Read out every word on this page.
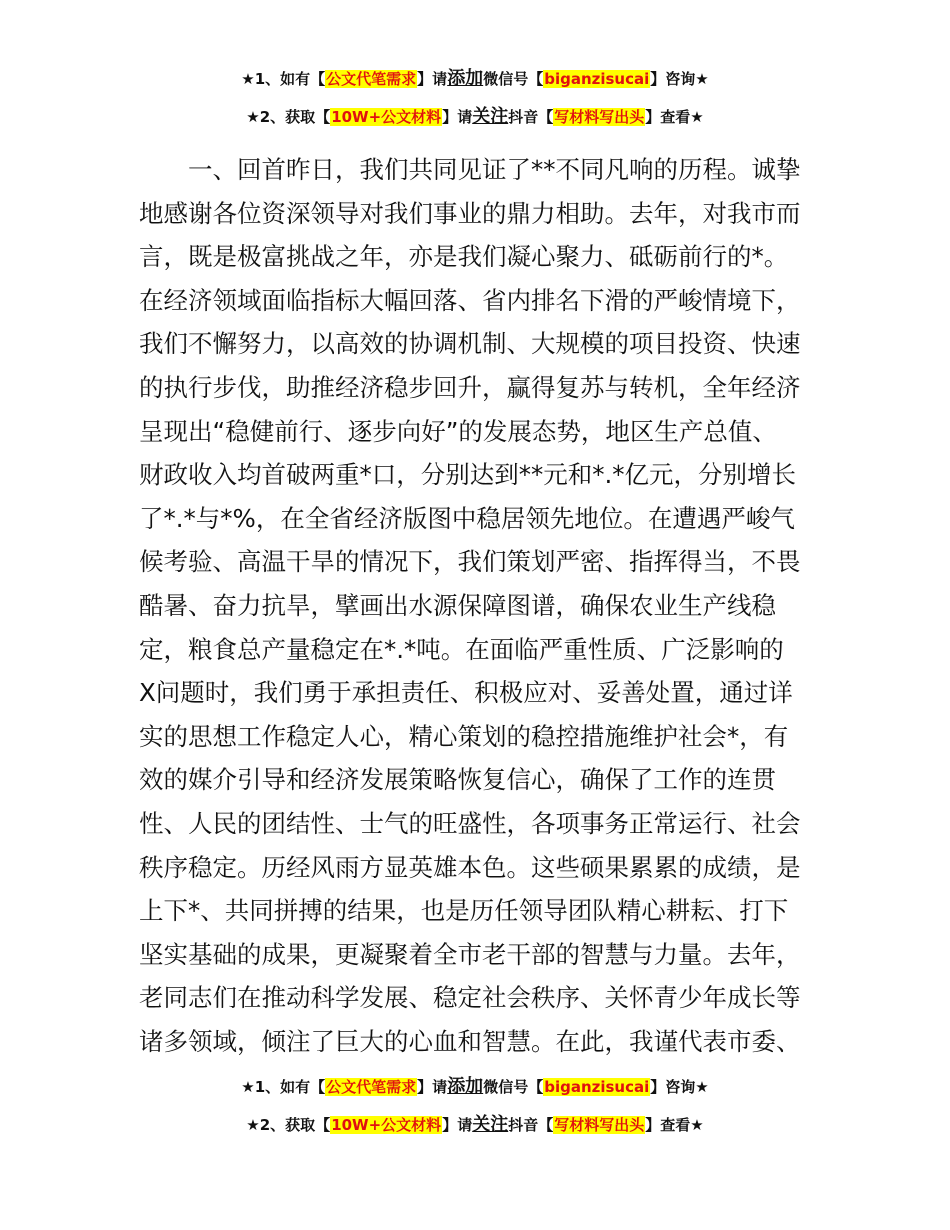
★1、如有【公文代笔需求】请添加微信号【biganzisucai】咨询★
★2、获取【10W+公文材料】请关注抖音【写材料写出头】查看★
　　一、回首昨日，我们共同见证了**不同凡响的历程。诚挚
地感谢各位资深领导对我们事业的鼎力相助。去年，对我市而
言，既是极富挑战之年，亦是我们凝心聚力、砥砺前行的*。
在经济领域面临指标大幅回落、省内排名下滑的严峻情境下，
我们不懈努力，以高效的协调机制、大规模的项目投资、快速
的执行步伐，助推经济稳步回升，赢得复苏与转机，全年经济
呈现出“稳健前行、逐步向好”的发展态势，地区生产总值、
财政收入均首破两重*口，分别达到**元和*.*亿元，分别增长
了*.*与*%，在全省经济版图中稳居领先地位。在遭遇严峻气
候考验、高温干旱的情况下，我们策划严密、指挥得当，不畏
酷暑、奋力抗旱，擘画出水源保障图谱，确保农业生产线稳
定，粮食总产量稳定在*.*吨。在面临严重性质、广泛影响的
X问题时，我们勇于承担责任、积极应对、妥善处置，通过详
实的思想工作稳定人心，精心策划的稳控措施维护社会*，有
效的媒介引导和经济发展策略恢复信心，确保了工作的连贯
性、人民的团结性、士气的旺盛性，各项事务正常运行、社会
秩序稳定。历经风雨方显英雄本色。这些硕果累累的成绩，是
上下*、共同拼搏的结果，也是历任领导团队精心耕耘、打下
坚实基础的成果，更凝聚着全市老干部的智慧与力量。去年，
老同志们在推动科学发展、稳定社会秩序、关怀青少年成长等
诸多领域，倾注了巨大的心血和智慧。在此，我谨代表市委、
★1、如有【公文代笔需求】请添加微信号【biganzisucai】咨询★
★2、获取【10W+公文材料】请关注抖音【写材料写出头】查看★
